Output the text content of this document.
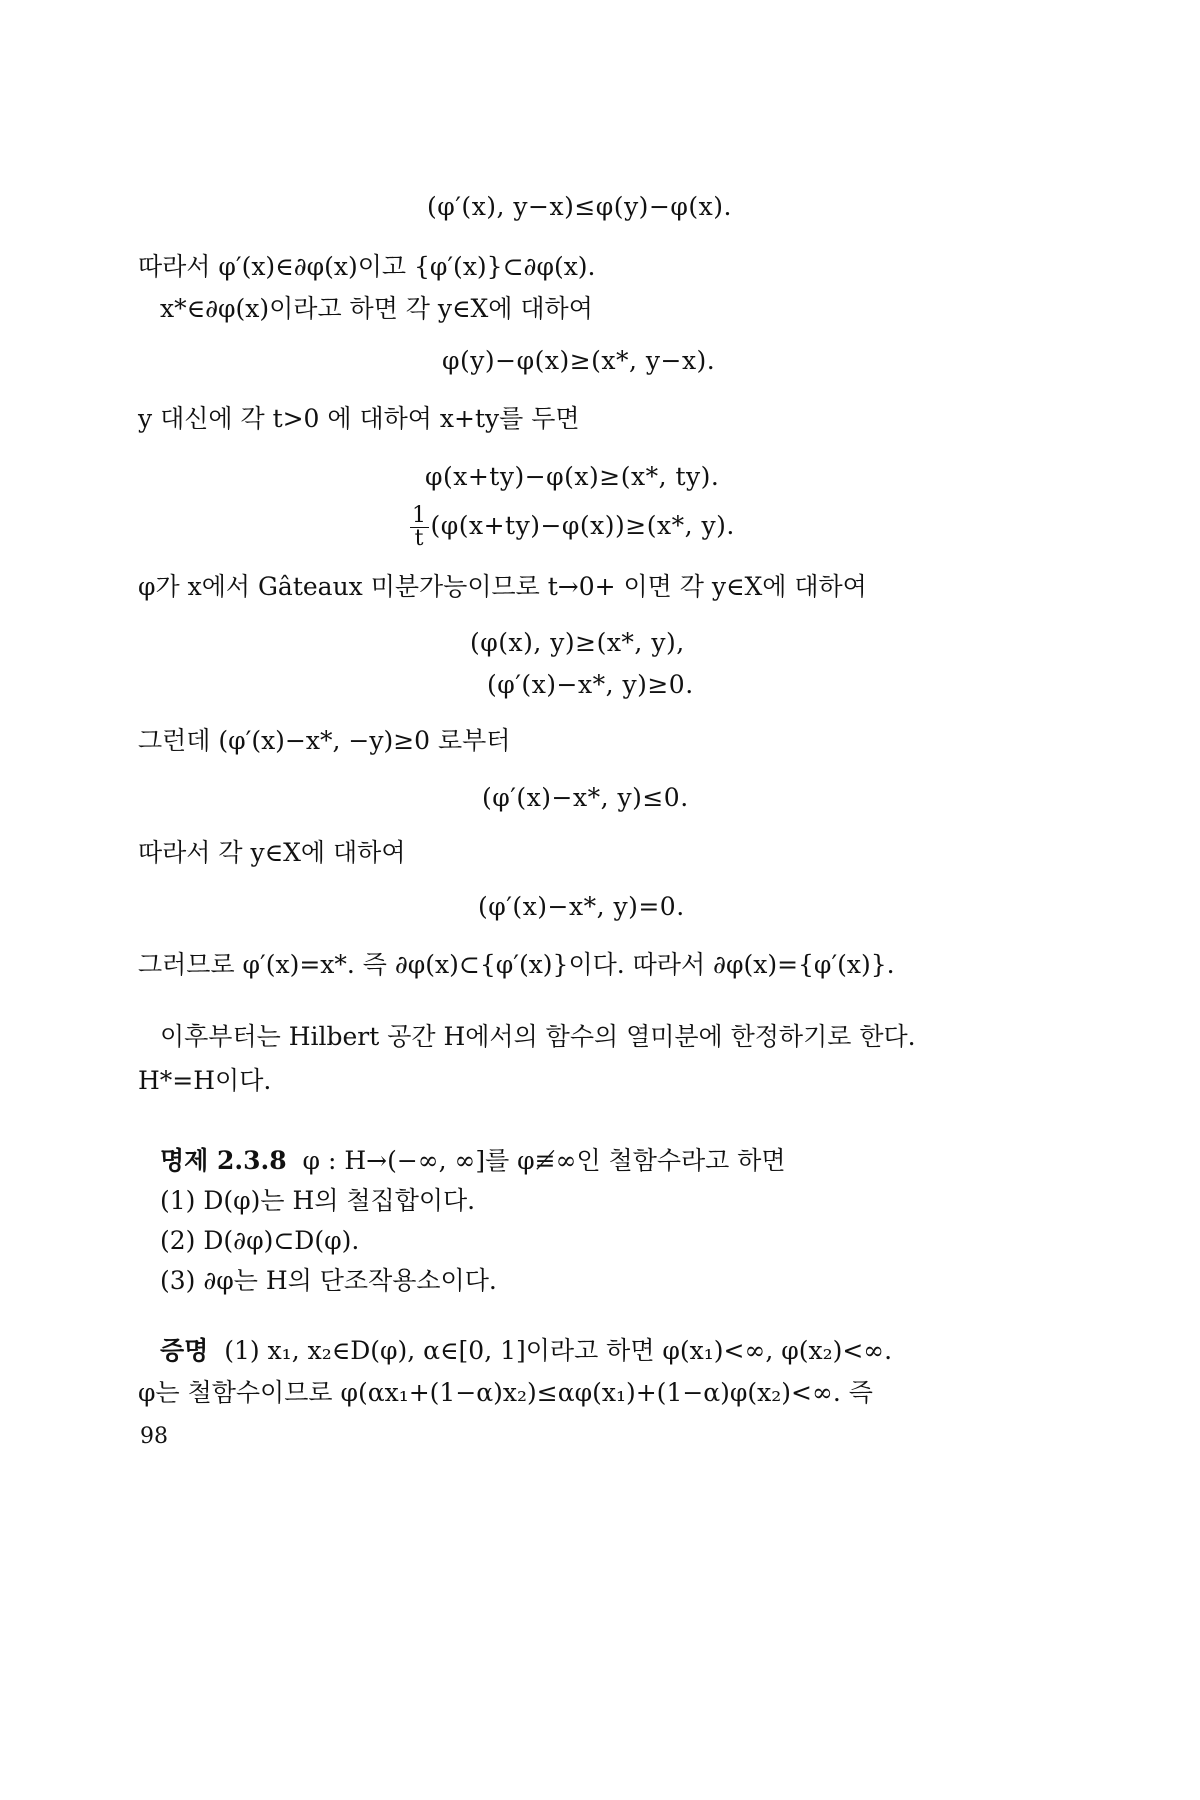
(φ′(x), y−x)≤φ(y)−φ(x).
따라서 φ′(x)∈∂φ(x)이고 {φ′(x)}⊂∂φ(x).
x*∈∂φ(x)이라고 하면 각 y∈X에 대하여
φ(y)−φ(x)≥(x*, y−x).
y 대신에 각 t>0 에 대하여 x+ty를 두면
φ(x+ty)−φ(x)≥(x*, ty).
$\frac{1}{t} (\varphi(x+ty)-\varphi(x))\ge(x*$, y).
φ가 x에서 Gâteaux 미분가능이므로 t→0+ 이면 각 y∈X에 대하여
(φ(x), y)≥(x*, y),
(φ′(x)−x*, y)≥0.
그런데 (φ′(x)−x*, −y)≥0 로부터
(φ′(x)−x*, y)≤0.
따라서 각 y∈X에 대하여
(φ′(x)−x*, y)=0.
그러므로 φ′(x)=x*. 즉 ∂φ(x)⊂{φ′(x)}이다. 따라서 ∂φ(x)={φ′(x)}.
이후부터는 Hilbert 공간 H에서의 함수의 열미분에 한정하기로 한다.
H*=H이다.
명제 2.3.8 φ : H→(−∞, ∞]를 φ≢∞인 철함수라고 하면
(1) D(φ)는 H의 철집합이다.
(2) D(∂φ)⊂D(φ).
(3) ∂φ는 H의 단조작용소이다.
증명 (1) x₁, x₂∈D(φ), α∈[0, 1]이라고 하면 φ(x₁)<∞, φ(x₂)<∞.
φ는 철함수이므로 φ(αx₁+(1−α)x₂)≤αφ(x₁)+(1−α)φ(x₂)<∞. 즉
98
